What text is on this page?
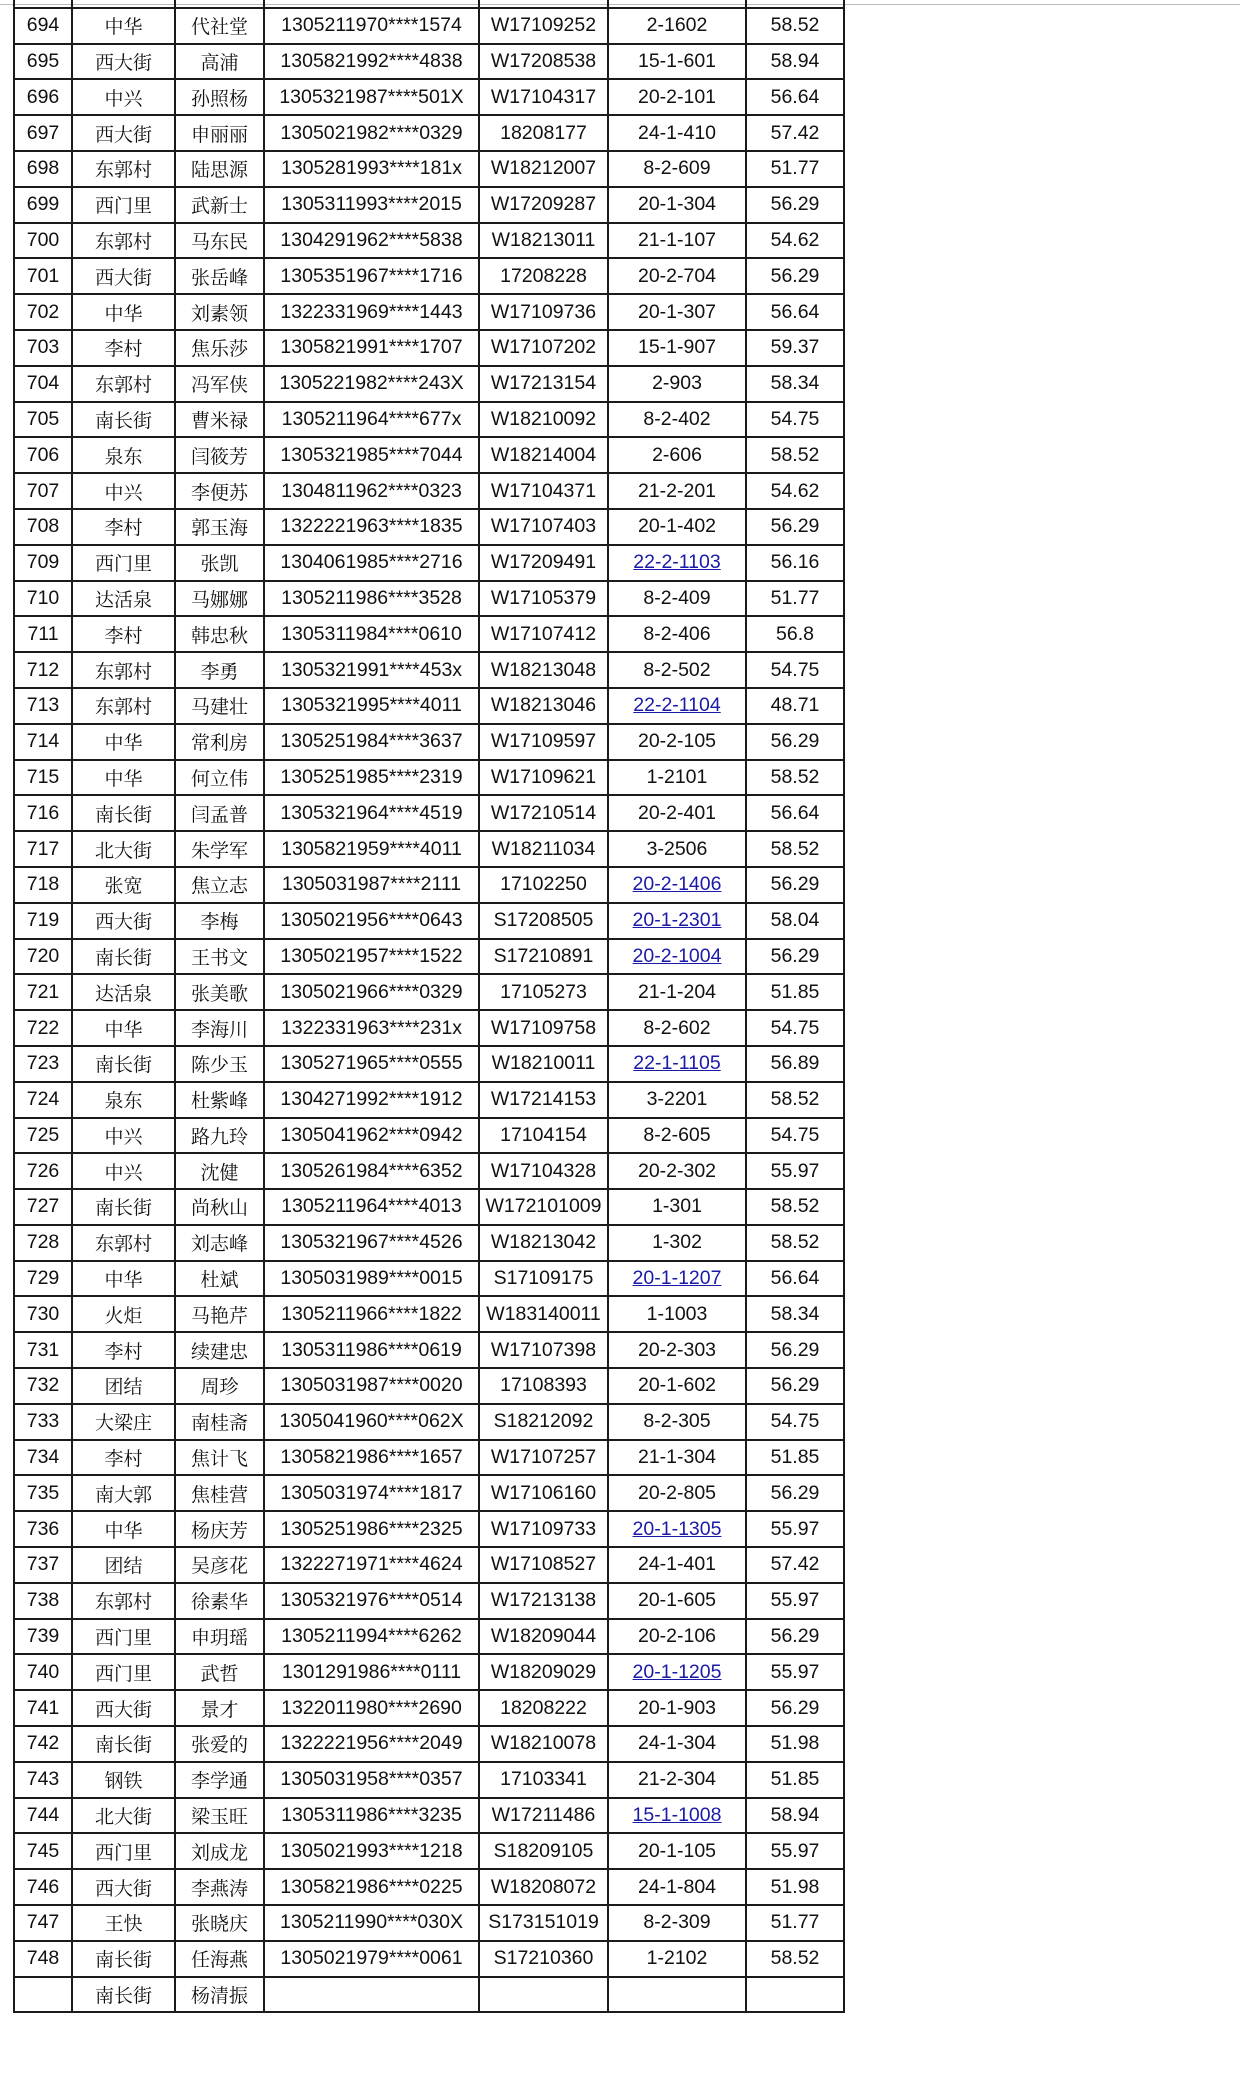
694	中华	代社堂	1305211970****1574	W17109252	2-1602	58.52
695	西大街	高浦	1305821992****4838	W17208538	15-1-601	58.94
696	中兴	孙照杨	1305321987****501X	W17104317	20-2-101	56.64
697	西大街	申丽丽	1305021982****0329	18208177	24-1-410	57.42
698	东郭村	陆思源	1305281993****181x	W18212007	8-2-609	51.77
699	西门里	武新士	1305311993****2015	W17209287	20-1-304	56.29
700	东郭村	马东民	1304291962****5838	W18213011	21-1-107	54.62
701	西大街	张岳峰	1305351967****1716	17208228	20-2-704	56.29
702	中华	刘素领	1322331969****1443	W17109736	20-1-307	56.64
703	李村	焦乐莎	1305821991****1707	W17107202	15-1-907	59.37
704	东郭村	冯军侠	1305221982****243X	W17213154	2-903	58.34
705	南长街	曹米禄	1305211964****677x	W18210092	8-2-402	54.75
706	泉东	闫筱芳	1305321985****7044	W18214004	2-606	58.52
707	中兴	李便苏	1304811962****0323	W17104371	21-2-201	54.62
708	李村	郭玉海	1322221963****1835	W17107403	20-1-402	56.29
709	西门里	张凯	1304061985****2716	W17209491	22-2-1103	56.16
710	达活泉	马娜娜	1305211986****3528	W17105379	8-2-409	51.77
711	李村	韩忠秋	1305311984****0610	W17107412	8-2-406	56.8
712	东郭村	李勇	1305321991****453x	W18213048	8-2-502	54.75
713	东郭村	马建壮	1305321995****4011	W18213046	22-2-1104	48.71
714	中华	常利房	1305251984****3637	W17109597	20-2-105	56.29
715	中华	何立伟	1305251985****2319	W17109621	1-2101	58.52
716	南长街	闫孟普	1305321964****4519	W17210514	20-2-401	56.64
717	北大街	朱学军	1305821959****4011	W18211034	3-2506	58.52
718	张宽	焦立志	1305031987****2111	17102250	20-2-1406	56.29
719	西大街	李梅	1305021956****0643	S17208505	20-1-2301	58.04
720	南长街	王书文	1305021957****1522	S17210891	20-2-1004	56.29
721	达活泉	张美歌	1305021966****0329	17105273	21-1-204	51.85
722	中华	李海川	1322331963****231x	W17109758	8-2-602	54.75
723	南长街	陈少玉	1305271965****0555	W18210011	22-1-1105	56.89
724	泉东	杜紫峰	1304271992****1912	W17214153	3-2201	58.52
725	中兴	路九玲	1305041962****0942	17104154	8-2-605	54.75
726	中兴	沈健	1305261984****6352	W17104328	20-2-302	55.97
727	南长街	尚秋山	1305211964****4013	W172101009	1-301	58.52
728	东郭村	刘志峰	1305321967****4526	W18213042	1-302	58.52
729	中华	杜斌	1305031989****0015	S17109175	20-1-1207	56.64
730	火炬	马艳芹	1305211966****1822	W183140011	1-1003	58.34
731	李村	续建忠	1305311986****0619	W17107398	20-2-303	56.29
732	团结	周珍	1305031987****0020	17108393	20-1-602	56.29
733	大梁庄	南桂斋	1305041960****062X	S18212092	8-2-305	54.75
734	李村	焦计飞	1305821986****1657	W17107257	21-1-304	51.85
735	南大郭	焦桂营	1305031974****1817	W17106160	20-2-805	56.29
736	中华	杨庆芳	1305251986****2325	W17109733	20-1-1305	55.97
737	团结	吴彦花	1322271971****4624	W17108527	24-1-401	57.42
738	东郭村	徐素华	1305321976****0514	W17213138	20-1-605	55.97
739	西门里	申玥瑶	1305211994****6262	W18209044	20-2-106	56.29
740	西门里	武哲	1301291986****0111	W18209029	20-1-1205	55.97
741	西大街	景才	1322011980****2690	18208222	20-1-903	56.29
742	南长街	张爱的	1322221956****2049	W18210078	24-1-304	51.98
743	钢铁	李学通	1305031958****0357	17103341	21-2-304	51.85
744	北大街	梁玉旺	1305311986****3235	W17211486	15-1-1008	58.94
745	西门里	刘成龙	1305021993****1218	S18209105	20-1-105	55.97
746	西大街	李燕涛	1305821986****0225	W18208072	24-1-804	51.98
747	王快	张晓庆	1305211990****030X	S173151019	8-2-309	51.77
748	南长街	任海燕	1305021979****0061	S17210360	1-2102	58.52
	南长街	杨清振				
